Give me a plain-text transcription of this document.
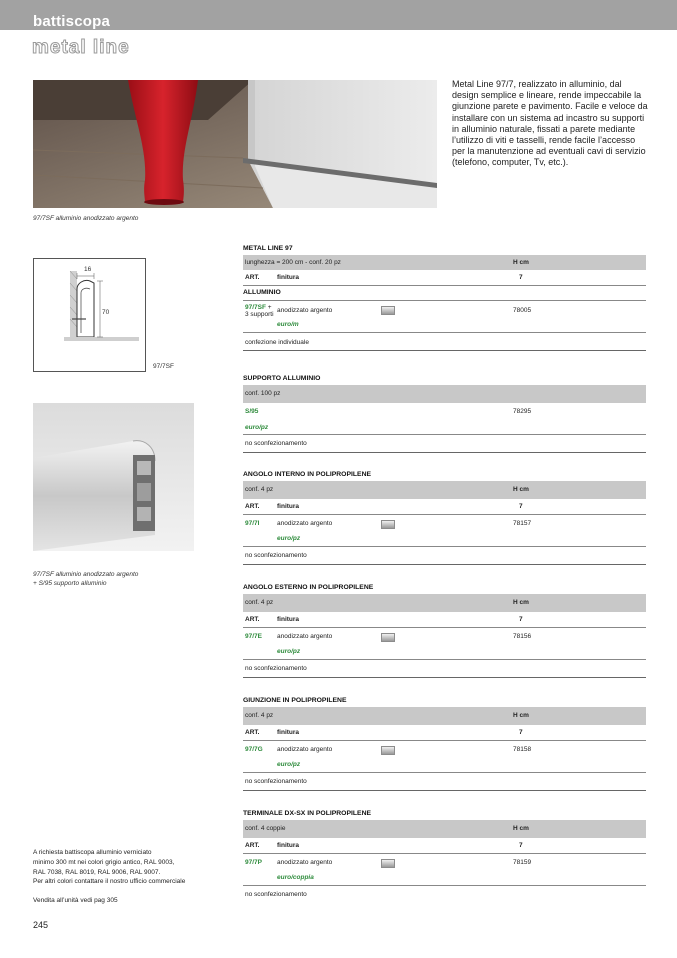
battiscopa
metal line
97/7SF alluminio anodizzato argento
Metal Line 97/7, realizzato in alluminio, dal design semplice e lineare, rende impeccabile la giunzione parete e pavimento. Facile e veloce da installare con un sistema ad incastro su supporti in alluminio naturale, fissati a parete mediante l’utilizzo di viti e tasselli, rende facile l’accesso per la manutenzione ad eventuali cavi di servizio (telefono, computer, Tv, etc.).
16
70
97/7SF
97/7SF alluminio anodizzato argento
+ S/95 supporto alluminio
METAL LINE 97
lunghezza = 200 cm - conf. 20 pz	H cm
ART.	finitura	7
ALLUMINIO
97/7SF +
3 supporti
anodizzato argento	78005
euro/m
confezione individuale
SUPPORTO ALLUMINIO
conf. 100 pz
S/95	78295
euro/pz
no sconfezionamento
ANGOLO INTERNO IN POLIPROPILENE
conf. 4 pz	H cm
ART.	finitura	7
97/7I	anodizzato argento	78157
euro/pz
no sconfezionamento
ANGOLO ESTERNO IN POLIPROPILENE
conf. 4 pz	H cm
ART.	finitura	7
97/7E anodizzato argento	78156
euro/pz
no sconfezionamento
GIUNZIONE IN POLIPROPILENE
conf. 4 pz	H cm
ART.	finitura	7
97/7G anodizzato argento	78158
euro/pz
no sconfezionamento
TERMINALE DX-SX IN POLIPROPILENE
conf. 4 coppie	H cm
ART.	finitura	7
97/7P anodizzato argento	78159
euro/coppia
no sconfezionamento
A richiesta battiscopa alluminio verniciato
minimo 300 mt nei colori grigio antico, RAL 9003,
RAL 7038, RAL 8019, RAL 9006, RAL 9007.
Per altri colori contattare il nostro ufficio commerciale
Vendita all’unità vedi pag 305
245
